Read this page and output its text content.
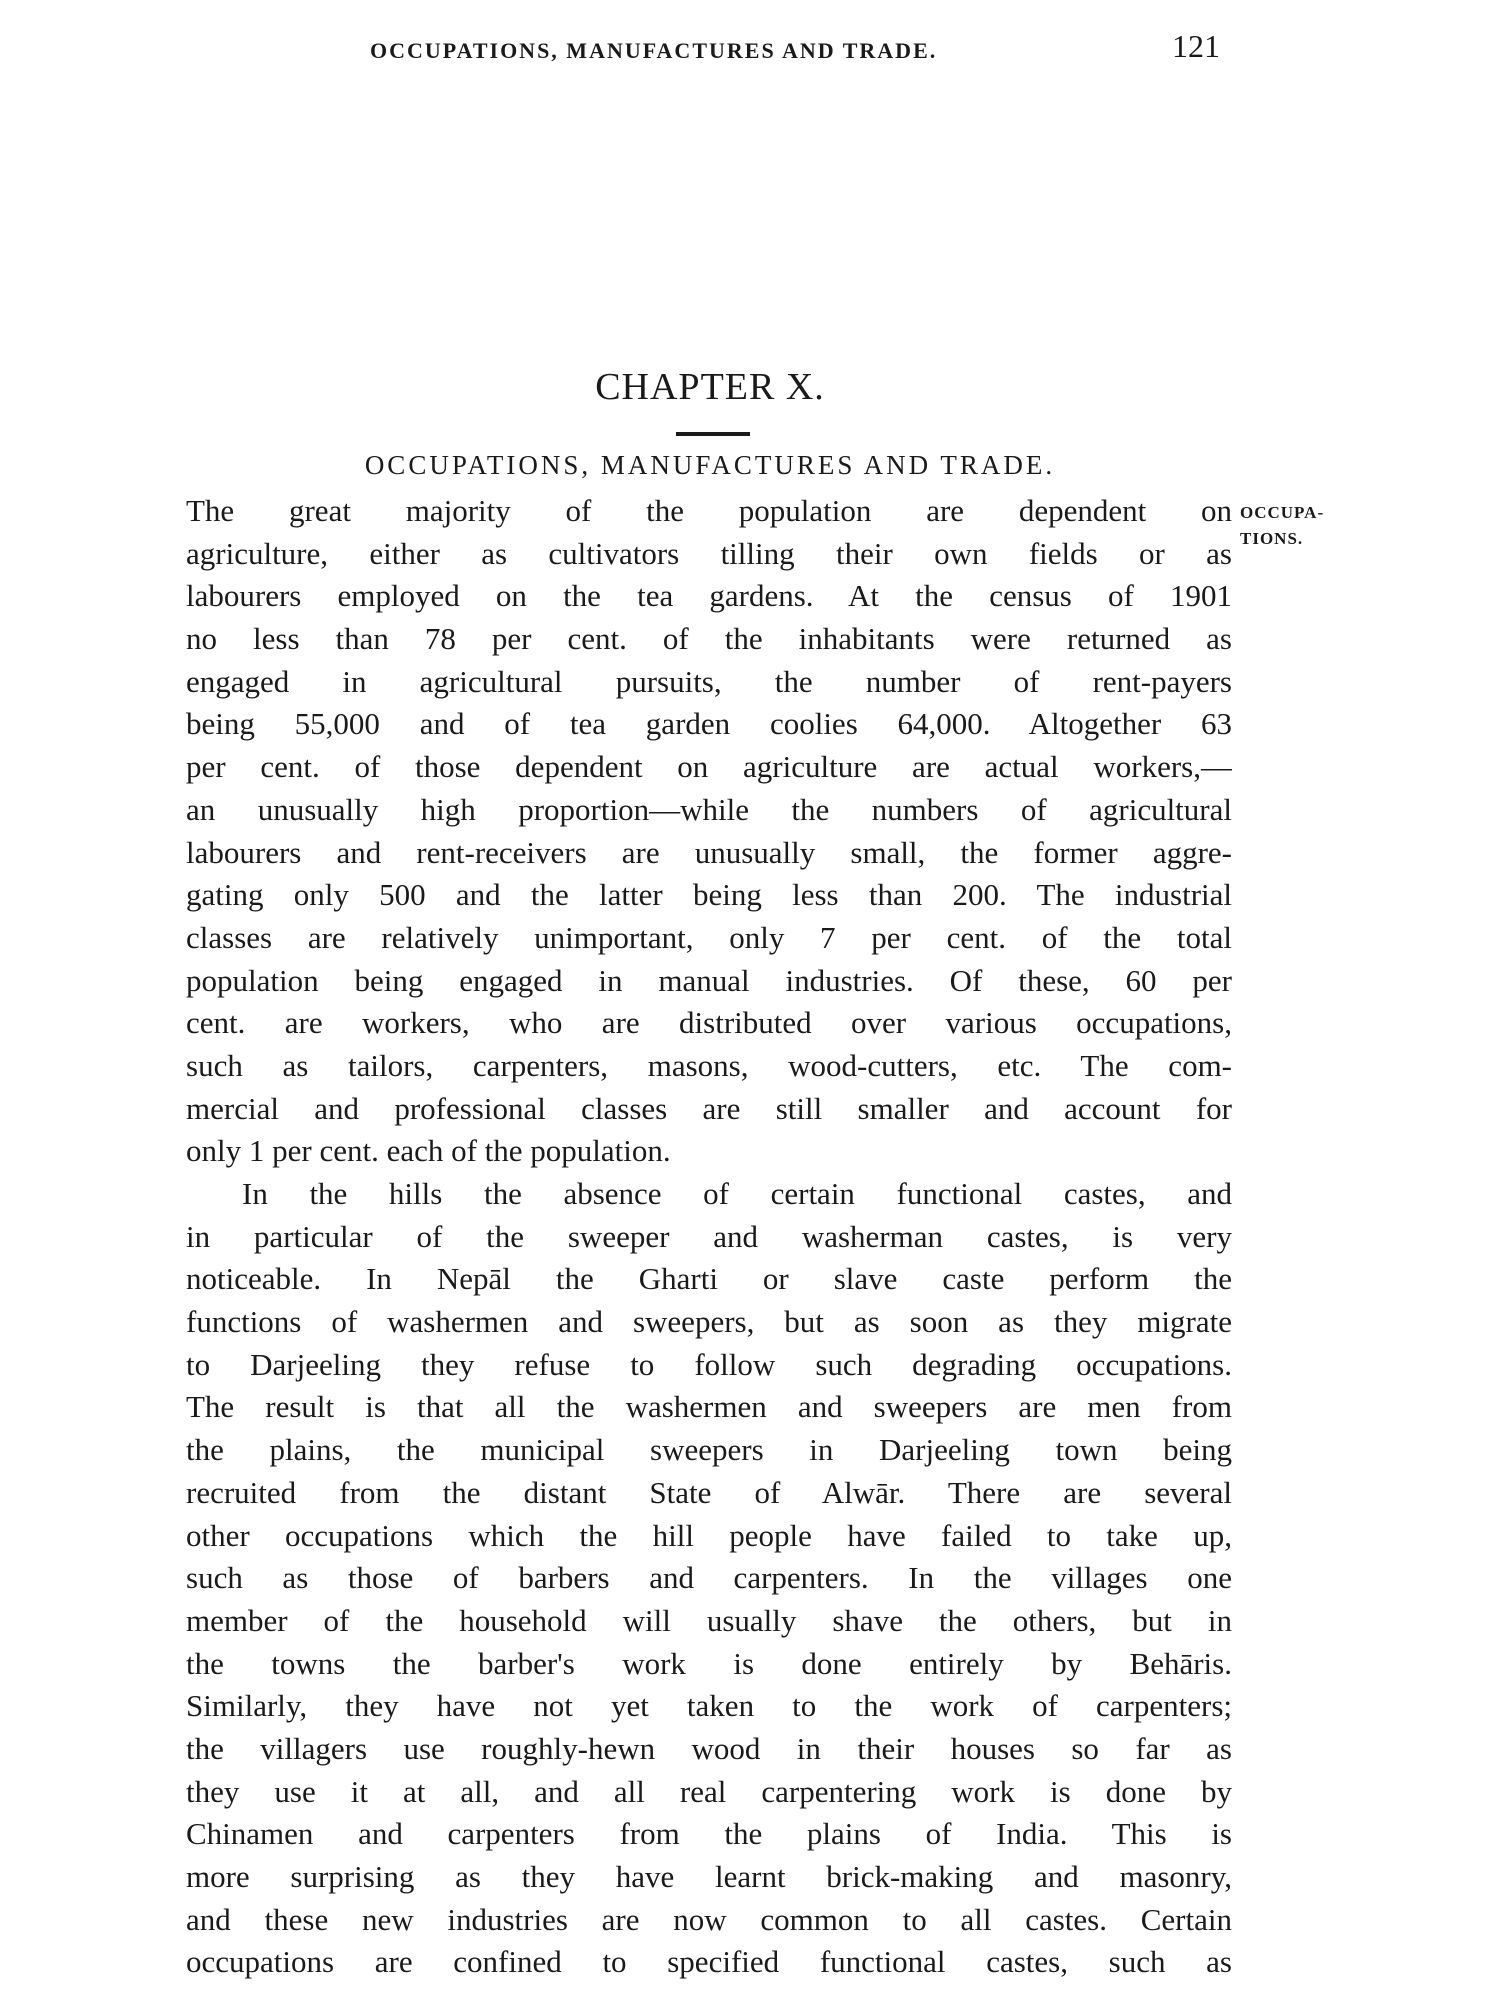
OCCUPATIONS, MANUFACTURES AND TRADE.	121
CHAPTER X.
OCCUPATIONS, MANUFACTURES AND TRADE.
OCCUPA-
TIONS.
The great majority of the population are dependent on
agriculture, either as cultivators tilling their own fields or as
labourers employed on the tea gardens. At the census of 1901
no less than 78 per cent. of the inhabitants were returned as
engaged in agricultural pursuits, the number of rent-payers
being 55,000 and of tea garden coolies 64,000. Altogether 63
per cent. of those dependent on agriculture are actual workers,—
an unusually high proportion—while the numbers of agricultural
labourers and rent-receivers are unusually small, the former aggre-
gating only 500 and the latter being less than 200. The industrial
classes are relatively unimportant, only 7 per cent. of the total
population being engaged in manual industries. Of these, 60 per
cent. are workers, who are distributed over various occupations,
such as tailors, carpenters, masons, wood-cutters, etc. The com-
mercial and professional classes are still smaller and account for
only 1 per cent. each of the population.
In the hills the absence of certain functional castes, and
in particular of the sweeper and washerman castes, is very
noticeable. In Nepāl the Gharti or slave caste perform the
functions of washermen and sweepers, but as soon as they migrate
to Darjeeling they refuse to follow such degrading occupations.
The result is that all the washermen and sweepers are men from
the plains, the municipal sweepers in Darjeeling town being
recruited from the distant State of Alwār. There are several
other occupations which the hill people have failed to take up,
such as those of barbers and carpenters. In the villages one
member of the household will usually shave the others, but in
the towns the barber's work is done entirely by Behāris.
Similarly, they have not yet taken to the work of carpenters;
the villagers use roughly-hewn wood in their houses so far as
they use it at all, and all real carpentering work is done by
Chinamen and carpenters from the plains of India. This is
more surprising as they have learnt brick-making and masonry,
and these new industries are now common to all castes. Certain
occupations are confined to specified functional castes, such as
